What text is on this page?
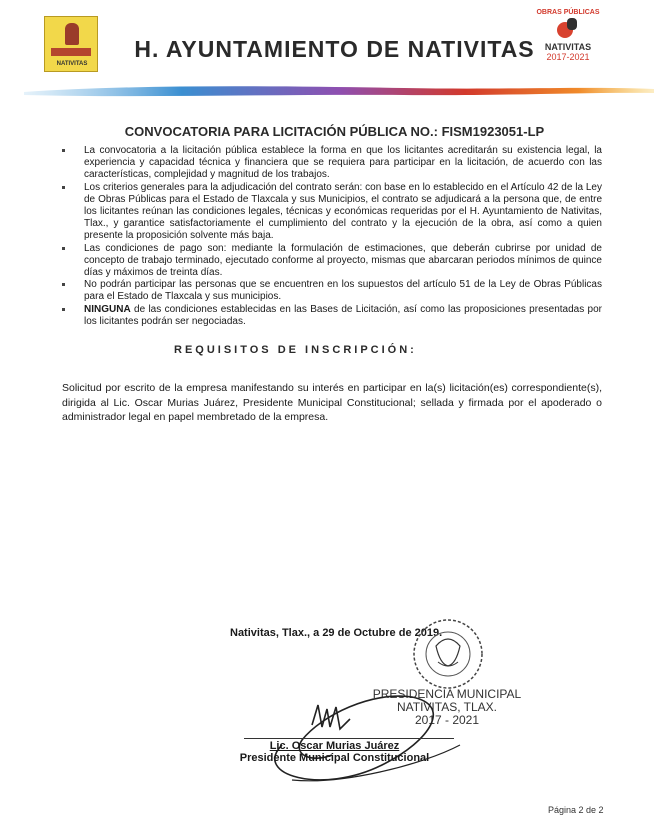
NATIVITAS
H. AYUNTAMIENTO DE NATIVITAS
OBRAS PÚBLICAS
NATIVITAS
2017-2021
CONVOCATORIA PARA LICITACIÓN PÚBLICA NO.: FISM1923051-LP
La convocatoria a la licitación pública establece la forma en que los licitantes acreditarán su existencia legal, la experiencia y capacidad técnica y financiera que se requiera para participar en la licitación, de acuerdo con las características, complejidad y magnitud de los trabajos.
Los criterios generales para la adjudicación del contrato serán: con base en lo establecido en el Artículo 42 de la Ley de Obras Públicas para el Estado de Tlaxcala y sus Municipios, el contrato se adjudicará a la persona que, de entre los licitantes reúnan las condiciones legales, técnicas y económicas requeridas por el H. Ayuntamiento de Nativitas, Tlax., y garantice satisfactoriamente el cumplimiento del contrato y la ejecución de la obra, así como a quien presente la proposición solvente más baja.
Las condiciones de pago son: mediante la formulación de estimaciones, que deberán cubrirse por unidad de concepto de trabajo terminado, ejecutado conforme al proyecto, mismas que abarcaran periodos mínimos de quince días y máximos de treinta días.
No podrán participar las personas que se encuentren en los supuestos del artículo 51 de la Ley de Obras Públicas para el Estado de Tlaxcala y sus municipios.
NINGUNA de las condiciones establecidas en las Bases de Licitación, así como las proposiciones presentadas por los licitantes podrán ser negociadas.
REQUISITOS DE INSCRIPCIÓN:

Solicitud por escrito de la empresa manifestando su interés en participar en la(s) licitación(es) correspondiente(s), dirigida al Lic. Oscar Murias Juárez, Presidente Municipal Constitucional; sellada y firmada por el apoderado o administrador legal en papel membretado de la empresa.

Nativitas, Tlax., a 29 de Octubre de 2019.
PRESIDENCIA MUNICIPAL
NATIVITAS, TLAX.
2017 - 2021
Lic. Oscar Murias Juárez
Presidente Municipal Constitucional
Página 2 de 2
